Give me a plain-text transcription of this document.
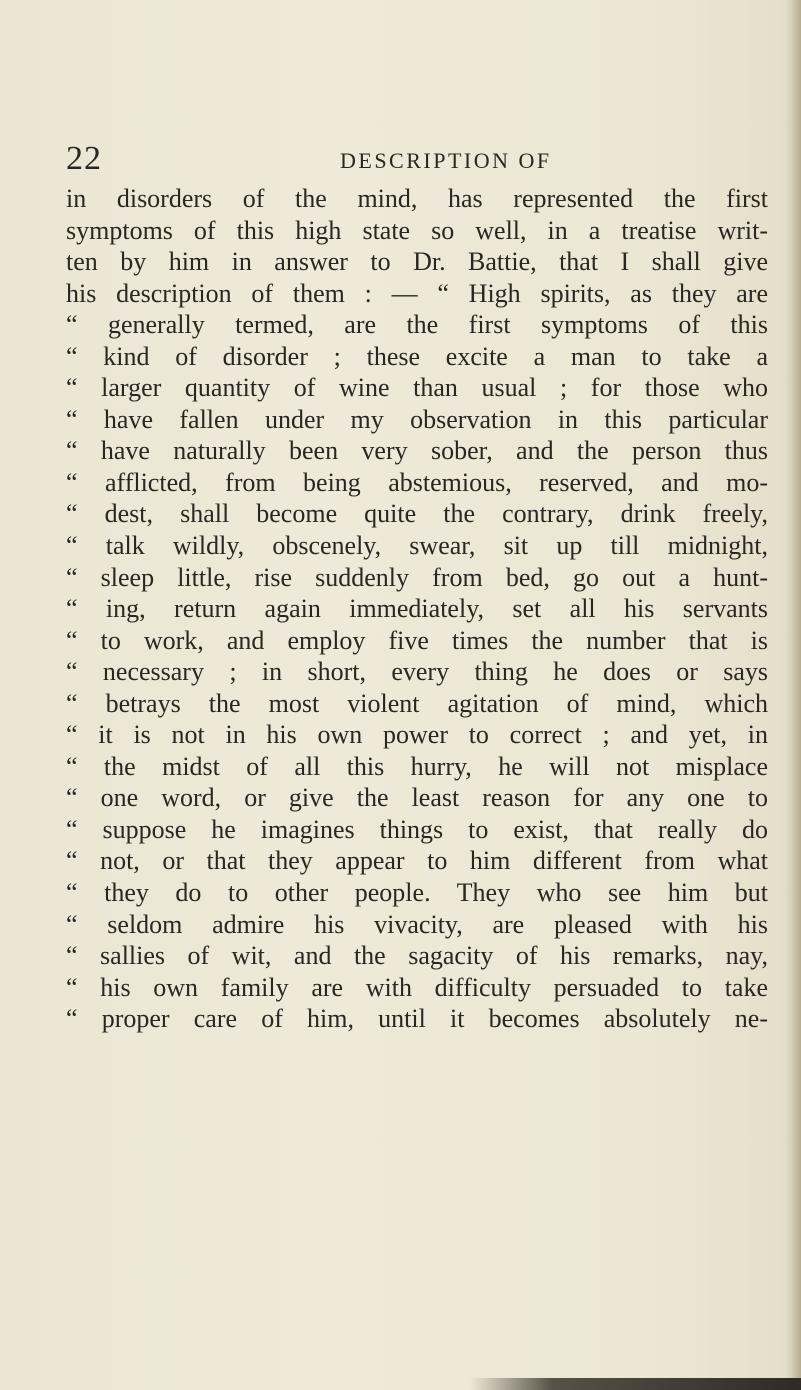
22	DESCRIPTION OF
in disorders of the mind, has represented the first
symptoms of this high state so well, in a treatise writ-
ten by him in answer to Dr. Battie, that I shall give
his description of them : — “ High spirits, as they are
“ generally termed, are the first symptoms of this
“ kind of disorder ; these excite a man to take a
“ larger quantity of wine than usual ; for those who
“ have fallen under my observation in this particular
“ have naturally been very sober, and the person thus
“ afflicted, from being abstemious, reserved, and mo-
“ dest, shall become quite the contrary, drink freely,
“ talk wildly, obscenely, swear, sit up till midnight,
“ sleep little, rise suddenly from bed, go out a hunt-
“ ing, return again immediately, set all his servants
“ to work, and employ five times the number that is
“ necessary ; in short, every thing he does or says
“ betrays the most violent agitation of mind, which
“ it is not in his own power to correct ; and yet, in
“ the midst of all this hurry, he will not misplace
“ one word, or give the least reason for any one to
“ suppose he imagines things to exist, that really do
“ not, or that they appear to him different from what
“ they do to other people. They who see him but
“ seldom admire his vivacity, are pleased with his
“ sallies of wit, and the sagacity of his remarks, nay,
“ his own family are with difficulty persuaded to take
“ proper care of him, until it becomes absolutely ne-
